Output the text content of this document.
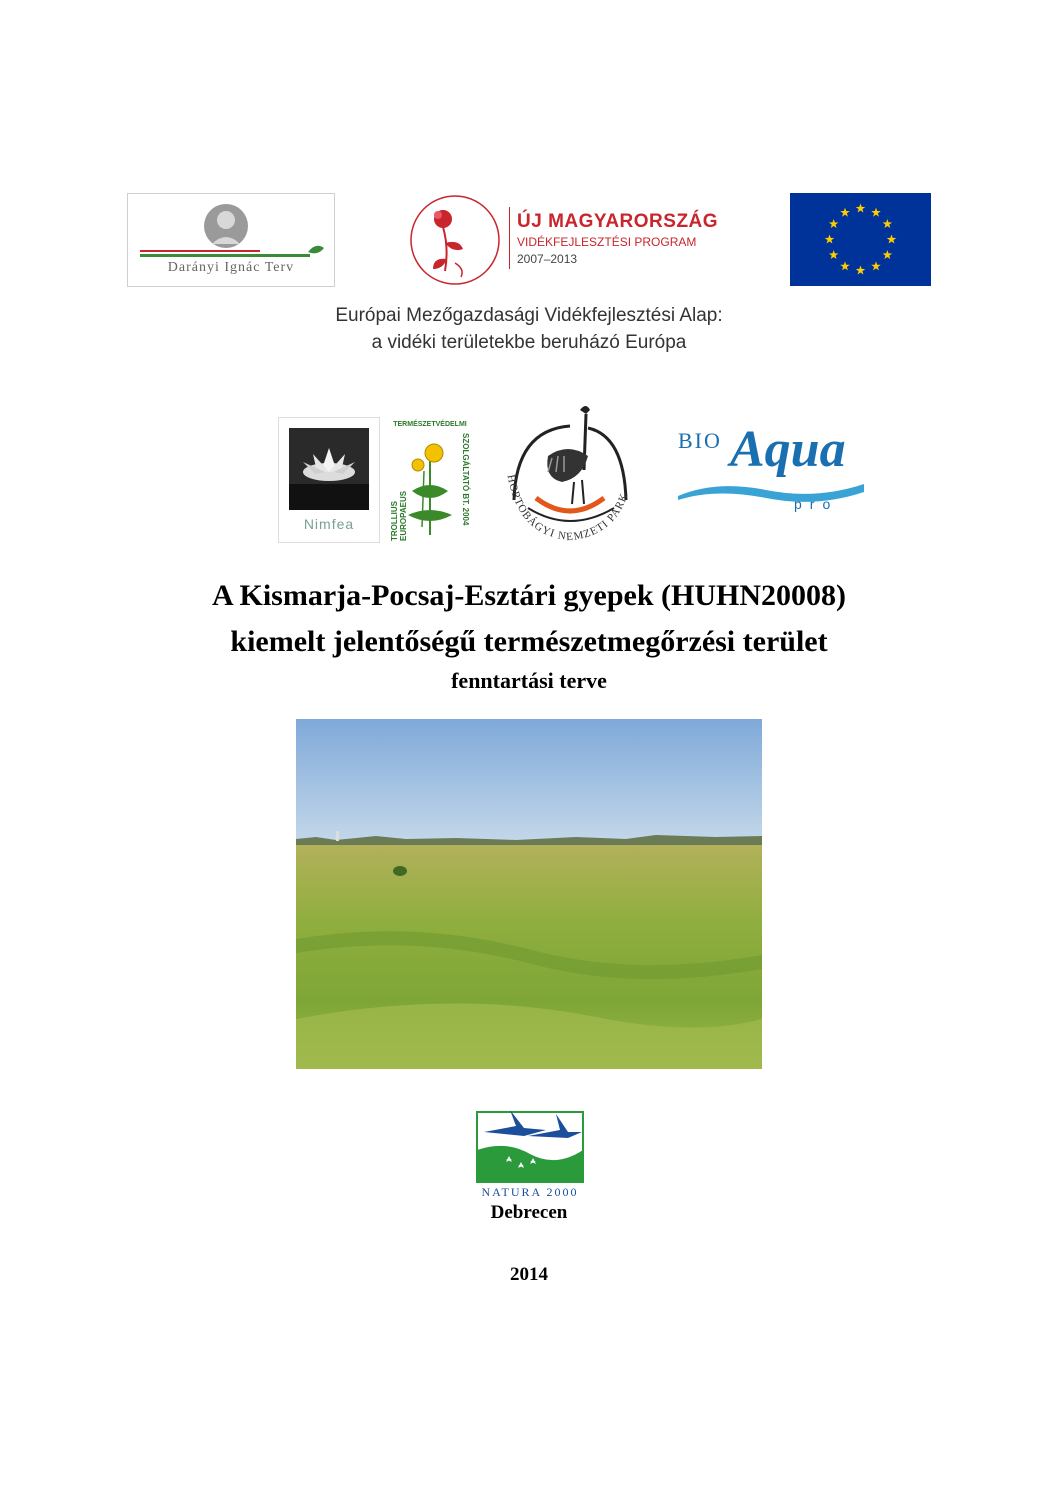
Darányi Ignác Terv
ÚJ MAGYARORSZÁG
VIDÉKFEJLESZTÉSI PROGRAM
2007–2013
Európai Mezőgazdasági Vidékfejlesztési Alap:
a vidéki területekbe beruházó Európa
Nimfea
TERMÉSZETVÉDELMI
TROLLIUS EUROPAEUS	SZOLGÁLTATÓ BT. 2004	HORTOBÁGYI NEMZETI PARK
BIO Aqua
pro
A Kismarja-Pocsaj-Esztári gyepek (HUHN20008)
kiemelt jelentőségű természetmegőrzési terület
fenntartási terve
NATURA 2000
Debrecen
2014
